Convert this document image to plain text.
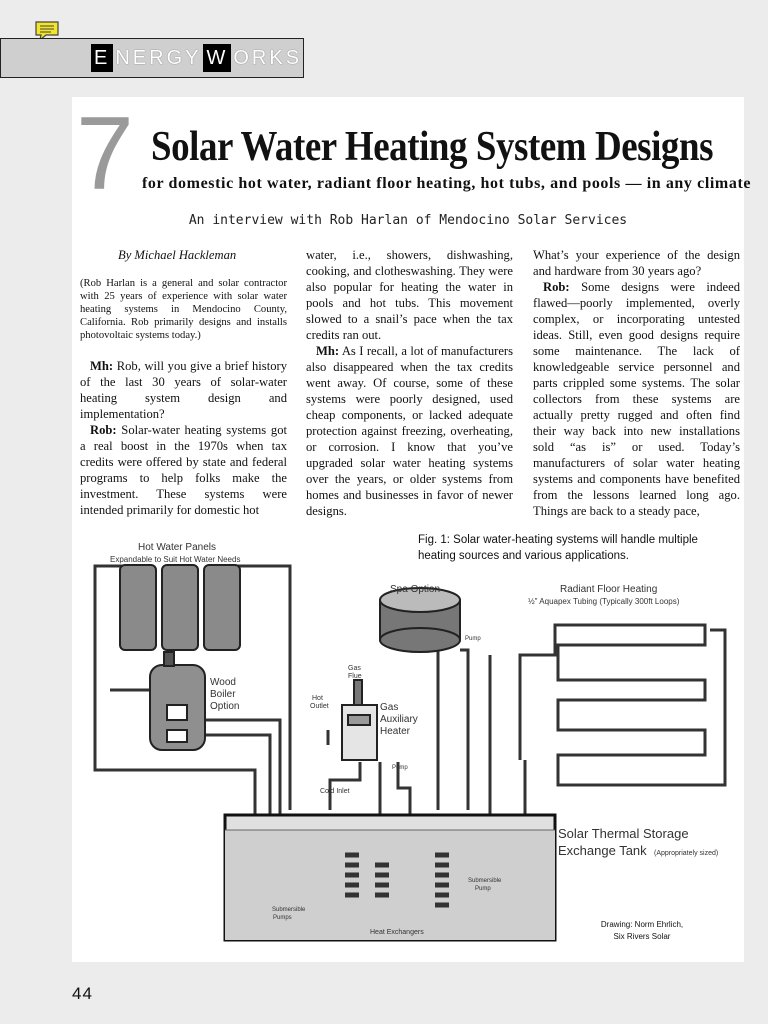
E NERGY W ORKS
7 Solar Water Heating System Designs
for domestic hot water, radiant floor heating, hot tubs, and pools — in any climate
An interview with Rob Harlan of Mendocino Solar Services

By Michael Hackleman

(Rob Harlan is a general and solar contractor with 25 years of experience with solar water heating systems in Mendocino County, California. Rob primarily designs and installs photovoltaic systems today.)

Mh: Rob, will you give a brief history of the last 30 years of solar-water heating system design and implementation?

Rob: Solar-water heating systems got a real boost in the 1970s when tax credits were offered by state and federal programs to help folks make the investment. These systems were intended primarily for domestic hot

water, i.e., showers, dishwashing, cooking, and clotheswashing. They were also popular for heating the water in pools and hot tubs. This movement slowed to a snail’s pace when the tax credits ran out.

Mh: As I recall, a lot of manufacturers also disappeared when the tax credits went away. Of course, some of these systems were poorly designed, used cheap components, or lacked adequate protection against freezing, overheating, or corrosion. I know that you’ve upgraded solar water heating systems over the years, or older systems from homes and businesses in favor of newer designs.

What’s your experience of the design and hardware from 30 years ago?

Rob: Some designs were indeed flawed—poorly implemented, overly complex, or incorporating untested ideas. Still, even good designs require some maintenance. The lack of knowledgeable service personnel and parts crippled some systems. The solar collectors from these systems are actually pretty rugged and often find their way back into new installations sold “as is” or used. Today’s manufacturers of solar water heating systems and components have benefited from the lessons learned long ago. Things are back to a steady pace,

Hot Water Panels
Expandable to Suit Hot Water Needs
Wood
Boiler
Option
Spa Option	Radiant Floor Heating
½" Aquapex Tubing (Typically 300ft Loops)
Pump
Gas
Flue
Hot
Outlet	Gas
Auxiliary
Heater
Pump
Cold Inlet
Solar Thermal Storage
Exchange Tank (Appropriately sized)
Submersible
Pump
Submersible
Pumps
Heat Exchangers
Fig. 1: Solar water-heating systems will handle multiple heating sources and various applications.
Drawing: Norm Ehrlich,
Six Rivers Solar
44
